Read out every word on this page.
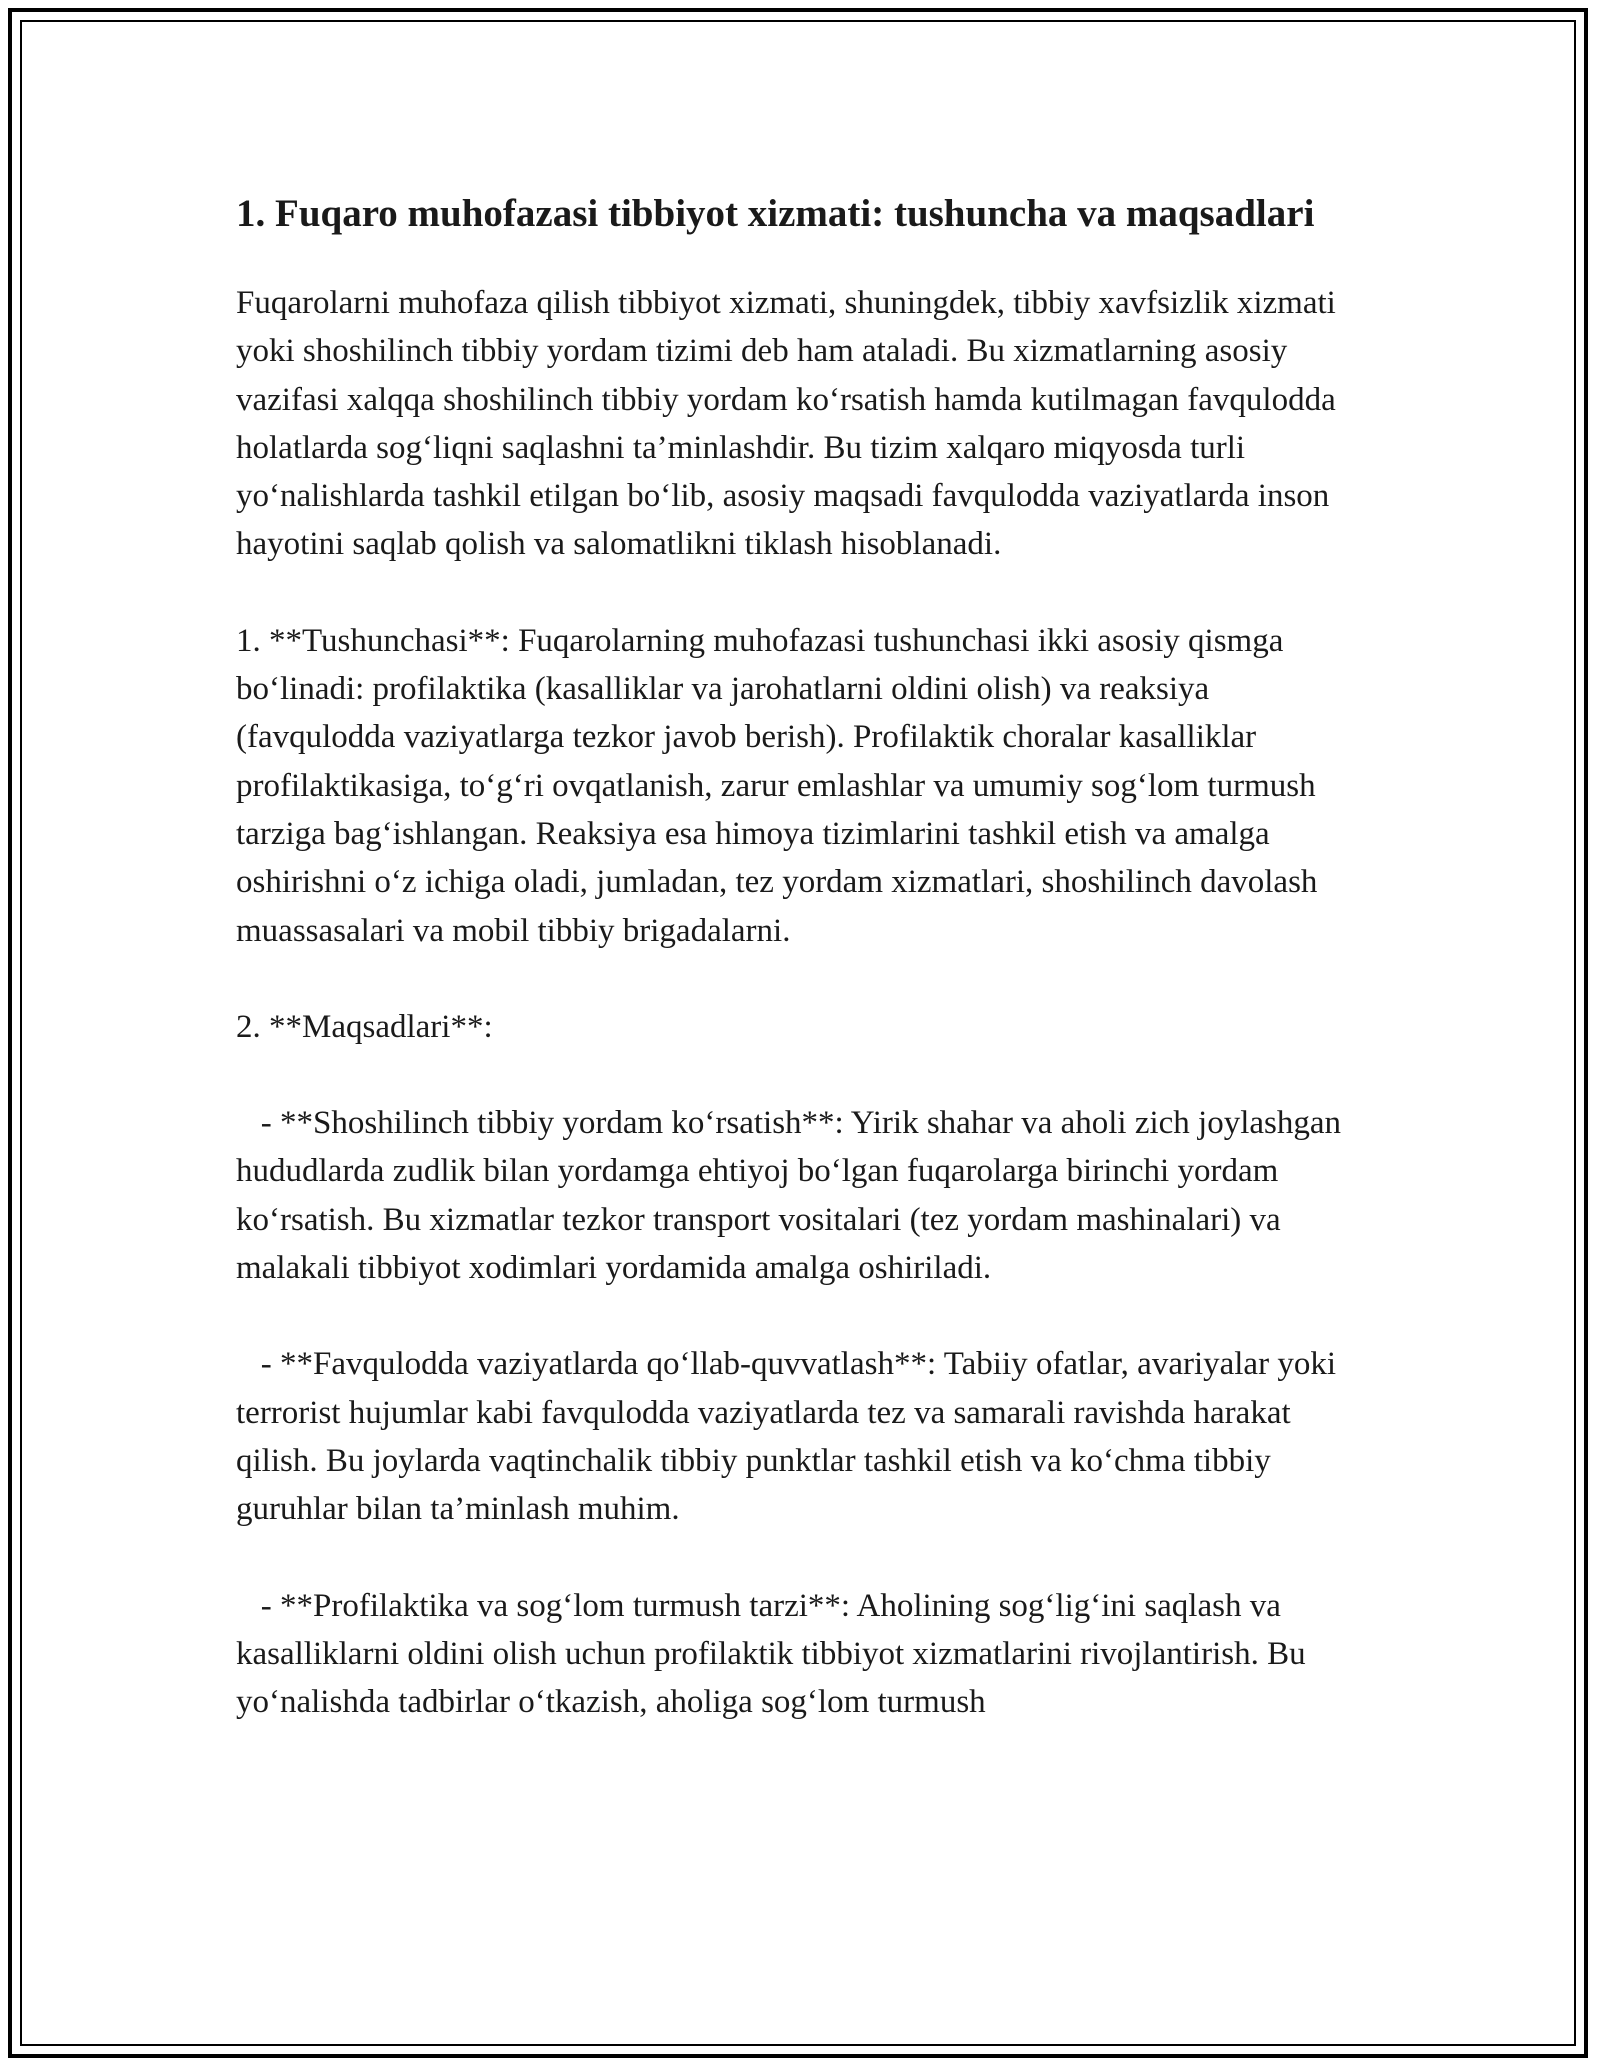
1. Fuqaro muhofazasi tibbiyot xizmati: tushuncha va maqsadlari

Fuqarolarni muhofaza qilish tibbiyot xizmati, shuningdek, tibbiy xavfsizlik xizmati yoki shoshilinch tibbiy yordam tizimi deb ham ataladi. Bu xizmatlarning asosiy vazifasi xalqqa shoshilinch tibbiy yordam ko‘rsatish hamda kutilmagan favqulodda holatlarda sog‘liqni saqlashni ta’minlashdir. Bu tizim xalqaro miqyosda turli yo‘nalishlarda tashkil etilgan bo‘lib, asosiy maqsadi favqulodda vaziyatlarda inson hayotini saqlab qolish va salomatlikni tiklash hisoblanadi.

1. **Tushunchasi**: Fuqarolarning muhofazasi tushunchasi ikki asosiy qismga bo‘linadi: profilaktika (kasalliklar va jarohatlarni oldini olish) va reaksiya (favqulodda vaziyatlarga tezkor javob berish). Profilaktik choralar kasalliklar profilaktikasiga, to‘g‘ri ovqatlanish, zarur emlashlar va umumiy sog‘lom turmush tarziga bag‘ishlangan. Reaksiya esa himoya tizimlarini tashkil etish va amalga oshirishni o‘z ichiga oladi, jumladan, tez yordam xizmatlari, shoshilinch davolash muassasalari va mobil tibbiy brigadalarni.

2. **Maqsadlari**:

- **Shoshilinch tibbiy yordam ko‘rsatish**: Yirik shahar va aholi zich joylashgan hududlarda zudlik bilan yordamga ehtiyoj bo‘lgan fuqarolarga birinchi yordam ko‘rsatish. Bu xizmatlar tezkor transport vositalari (tez yordam mashinalari) va malakali tibbiyot xodimlari yordamida amalga oshiriladi.

- **Favqulodda vaziyatlarda qo‘llab-quvvatlash**: Tabiiy ofatlar, avariyalar yoki terrorist hujumlar kabi favqulodda vaziyatlarda tez va samarali ravishda harakat qilish. Bu joylarda vaqtinchalik tibbiy punktlar tashkil etish va ko‘chma tibbiy guruhlar bilan ta’minlash muhim.

- **Profilaktika va sog‘lom turmush tarzi**: Aholining sog‘lig‘ini saqlash va kasalliklarni oldini olish uchun profilaktik tibbiyot xizmatlarini rivojlantirish. Bu yo‘nalishda tadbirlar o‘tkazish, aholiga sog‘lom turmush
